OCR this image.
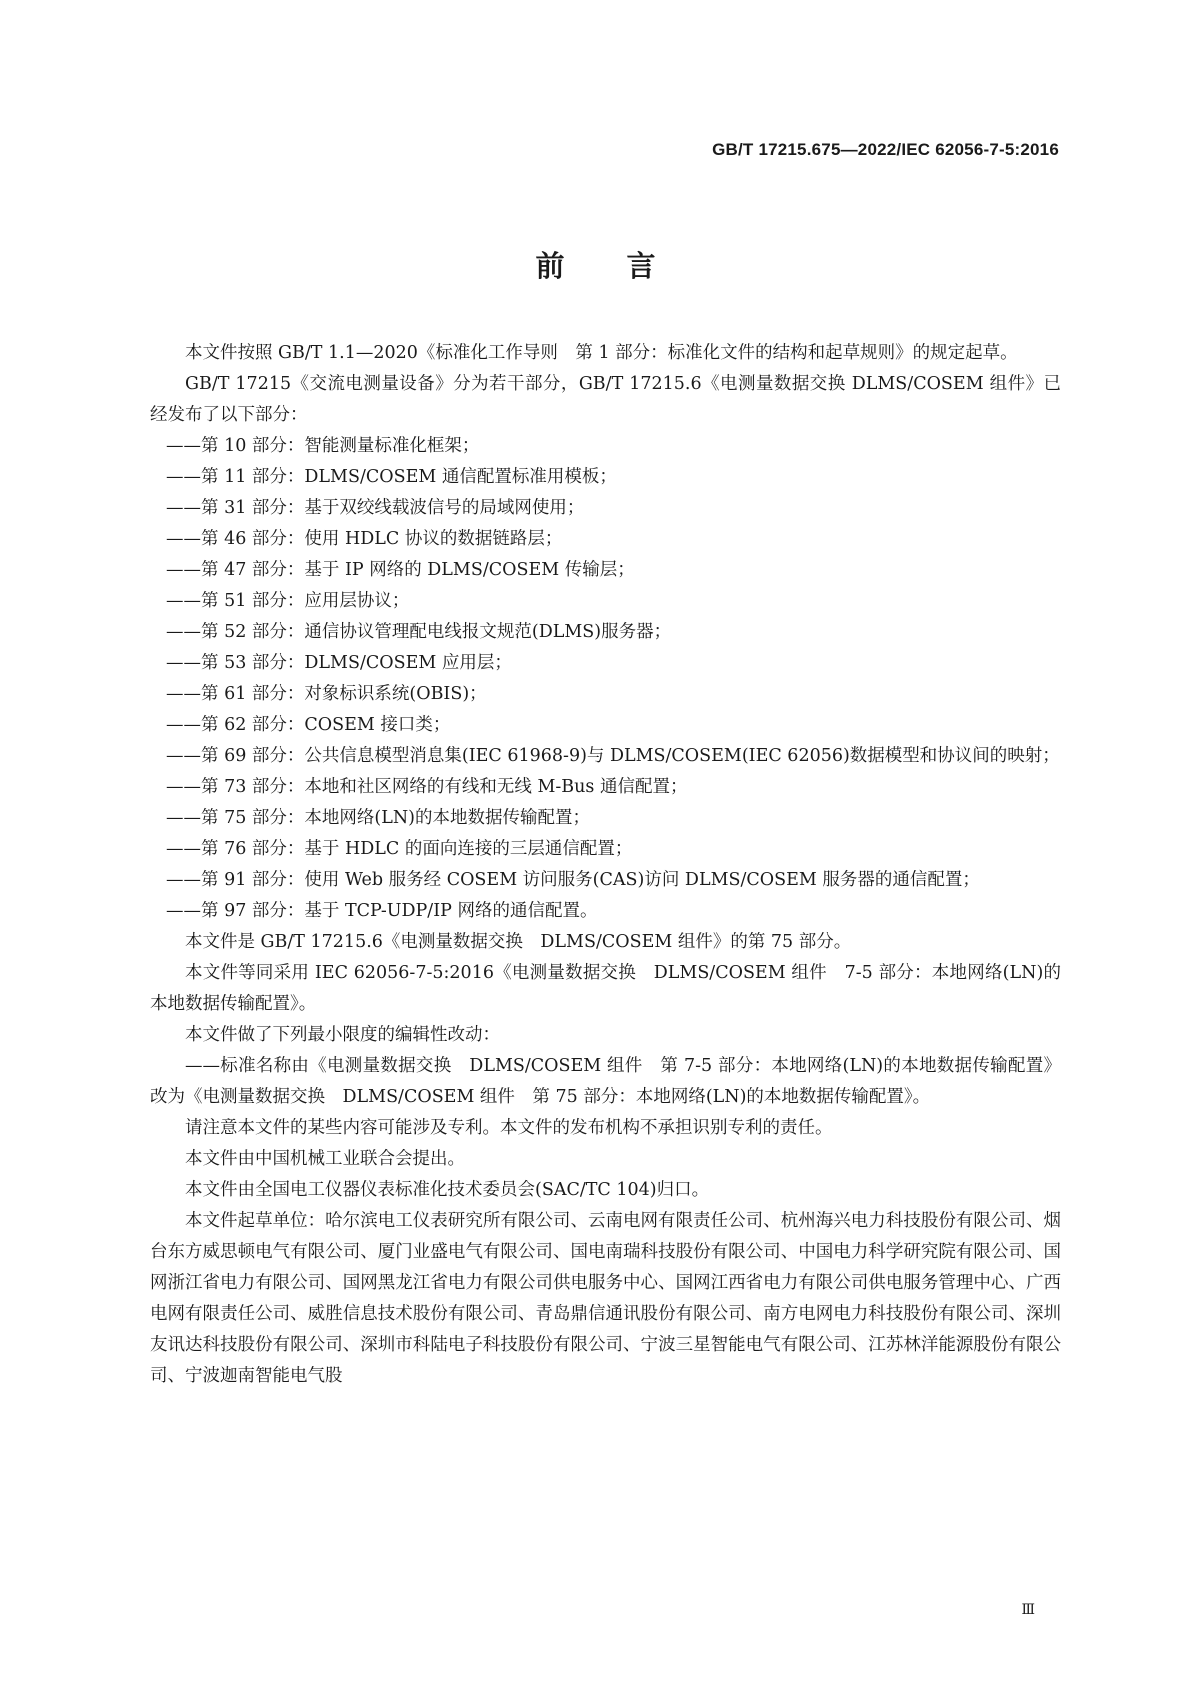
GB/T 17215.675—2022/IEC 62056-7-5:2016
前言

本文件按照 GB/T 1.1—2020《标准化工作导则　第 1 部分：标准化文件的结构和起草规则》的规定起草。

GB/T 17215《交流电测量设备》分为若干部分，GB/T 17215.6《电测量数据交换 DLMS/COSEM 组件》已经发布了以下部分：

——第 10 部分：智能测量标准化框架；

——第 11 部分：DLMS/COSEM 通信配置标准用模板；

——第 31 部分：基于双绞线载波信号的局域网使用；

——第 46 部分：使用 HDLC 协议的数据链路层；

——第 47 部分：基于 IP 网络的 DLMS/COSEM 传输层；

——第 51 部分：应用层协议；

——第 52 部分：通信协议管理配电线报文规范(DLMS)服务器；

——第 53 部分：DLMS/COSEM 应用层；

——第 61 部分：对象标识系统(OBIS)；

——第 62 部分：COSEM 接口类；

——第 69 部分：公共信息模型消息集(IEC 61968-9)与 DLMS/COSEM(IEC 62056)数据模型和协议间的映射；

——第 73 部分：本地和社区网络的有线和无线 M-Bus 通信配置；

——第 75 部分：本地网络(LN)的本地数据传输配置；

——第 76 部分：基于 HDLC 的面向连接的三层通信配置；

——第 91 部分：使用 Web 服务经 COSEM 访问服务(CAS)访问 DLMS/COSEM 服务器的通信配置；

——第 97 部分：基于 TCP-UDP/IP 网络的通信配置。

本文件是 GB/T 17215.6《电测量数据交换　DLMS/COSEM 组件》的第 75 部分。

本文件等同采用 IEC 62056-7-5:2016《电测量数据交换　DLMS/COSEM 组件　7-5 部分：本地网络(LN)的本地数据传输配置》。

本文件做了下列最小限度的编辑性改动：

——标准名称由《电测量数据交换　DLMS/COSEM 组件　第 7-5 部分：本地网络(LN)的本地数据传输配置》改为《电测量数据交换　DLMS/COSEM 组件　第 75 部分：本地网络(LN)的本地数据传输配置》。

请注意本文件的某些内容可能涉及专利。本文件的发布机构不承担识别专利的责任。

本文件由中国机械工业联合会提出。

本文件由全国电工仪器仪表标准化技术委员会(SAC/TC 104)归口。

本文件起草单位：哈尔滨电工仪表研究所有限公司、云南电网有限责任公司、杭州海兴电力科技股份有限公司、烟台东方威思顿电气有限公司、厦门业盛电气有限公司、国电南瑞科技股份有限公司、中国电力科学研究院有限公司、国网浙江省电力有限公司、国网黑龙江省电力有限公司供电服务中心、国网江西省电力有限公司供电服务管理中心、广西电网有限责任公司、威胜信息技术股份有限公司、青岛鼎信通讯股份有限公司、南方电网电力科技股份有限公司、深圳友讯达科技股份有限公司、深圳市科陆电子科技股份有限公司、宁波三星智能电气有限公司、江苏林洋能源股份有限公司、宁波迦南智能电气股

Ⅲ
